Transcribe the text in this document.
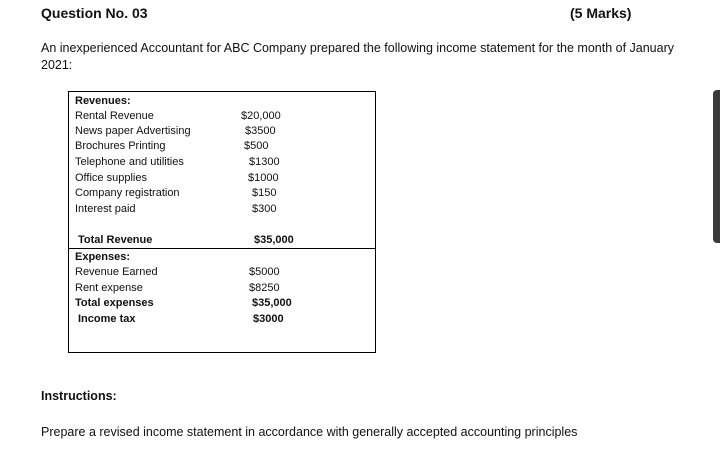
Question No. 03	(5 Marks)
An inexperienced Accountant for ABC Company prepared the following income statement for the month of January 2021:
Revenues:
Rental Revenue	$20,000
News paper Advertising	$3500
Brochures Printing	$500
Telephone and utilities	$1300
Office supplies	$1000
Company registration	$150
Interest paid	$300
Total Revenue	$35,000
Expenses:
Revenue Earned	$5000
Rent expense	$8250
Total expenses	$35,000
Income tax	$3000
Instructions:
Prepare a revised income statement in accordance with generally accepted accounting principles
